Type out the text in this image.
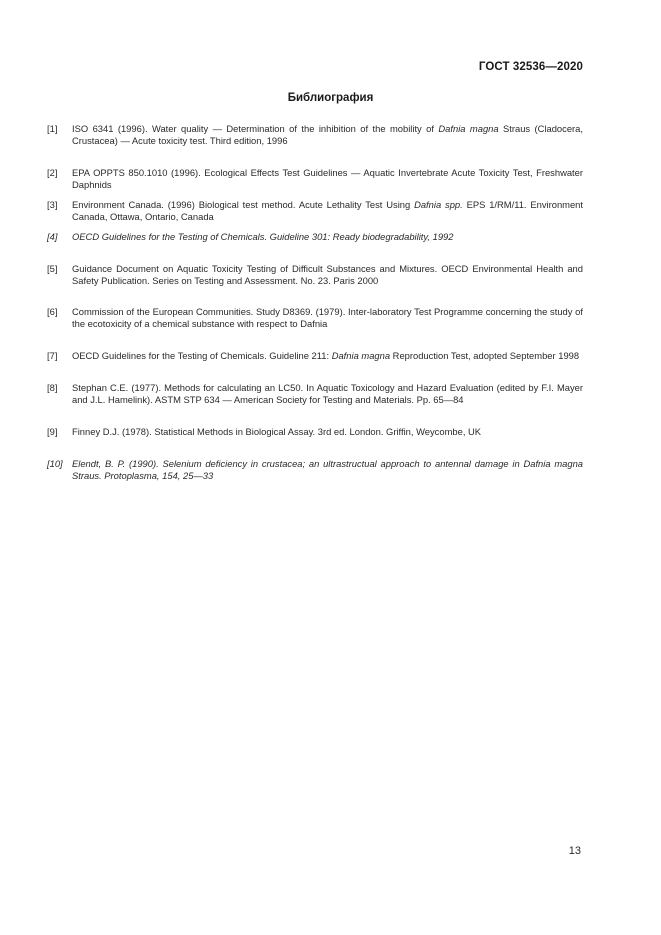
ГОСТ 32536—2020
Библиография
[1]	ISO 6341 (1996). Water quality — Determination of the inhibition of the mobility of Dafnia magna Straus (Cladocera, Crustacea) — Acute toxicity test. Third edition, 1996
[2]	EPA OPPTS 850.1010 (1996). Ecological Effects Test Guidelines — Aquatic Invertebrate Acute Toxicity Test, Freshwater Daphnids
[3]	Environment Canada. (1996) Biological test method. Acute Lethality Test Using Dafnia spp. EPS 1/RM/11. Environment Canada, Ottawa, Ontario, Canada
[4]	OECD Guidelines for the Testing of Chemicals. Guideline 301: Ready biodegradability, 1992
[5]	Guidance Document on Aquatic Toxicity Testing of Difficult Substances and Mixtures. OECD Environmental Health and Safety Publication. Series on Testing and Assessment. No. 23. Paris 2000
[6]	Commission of the European Communities. Study D8369. (1979). Inter-laboratory Test Programme concerning the study of the ecotoxicity of a chemical substance with respect to Dafnia
[7]	OECD Guidelines for the Testing of Chemicals. Guideline 211: Dafnia magna Reproduction Test, adopted September 1998
[8]	Stephan C.E. (1977). Methods for calculating an LC50. In Aquatic Toxicology and Hazard Evaluation (edited by F.I. Mayer and J.L. Hamelink). ASTM STP 634 — American Society for Testing and Materials. Pp. 65—84
[9]	Finney D.J. (1978). Statistical Methods in Biological Assay. 3rd ed. London. Griffin, Weycombe, UK
[10] Elendt, B. P. (1990). Selenium deficiency in crustacea; an ultrastructual approach to antennal damage in Dafnia magna Straus. Protoplasma, 154, 25—33
13
